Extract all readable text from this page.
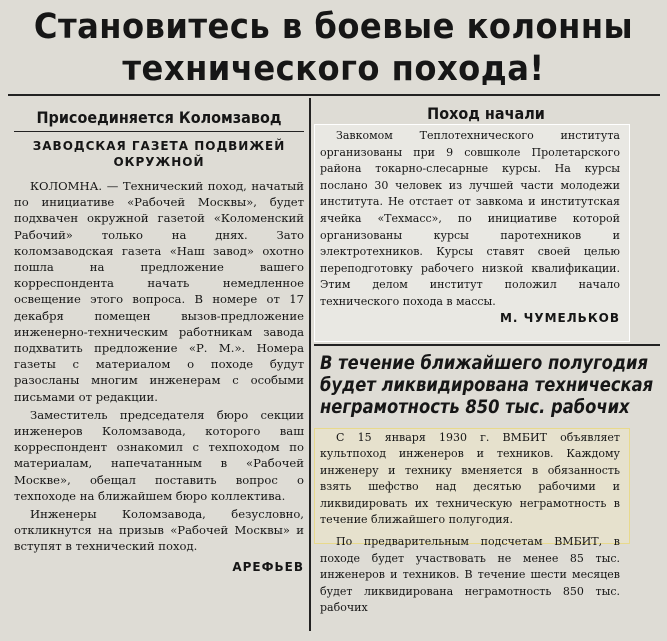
Становитесь в боевые колонны
технического похода!
Присоединяется Коломзавод
ЗАВОДСКАЯ ГАЗЕТА ПОДВИЖЕЙ
ОКРУЖНОЙ

КОЛОМНА. — Технический поход, начатый по инициативе «Рабочей Москвы», будет подхвачен окружной газетой «Коломенский Рабочий» только на днях. Зато коломзаводская газета «Наш завод» охотно пошла на предложение вашего корреспондента начать немедленное освещение этого вопроса. В номере от 17 декабря помещен вызов-предложение инженерно-техническим работникам завода подхватить предложение «Р. М.». Номера газеты с материалом о походе будут разосланы многим инженерам с особыми письмами от редакции.

Заместитель председателя бюро секции инженеров Коломзавода, которого ваш корреспондент ознакомил с техпоходом по материалам, напечатанным в «Рабочей Москве», обещал поставить вопрос о техпоходе на ближайшем бюро коллектива.

Инженеры Коломзавода, безусловно, откликнутся на призыв «Рабочей Москвы» и вступят в технический поход.

АРЕФЬЕВ
Поход начали

Завкомом Теплотехнического института организованы при 9 совшколе Пролетарского района токарно-слесарные курсы. На курсы послано 30 человек из лучшей части молодежи института. Не отстает от завкома и институтская ячейка «Техмасс», по инициативе которой организованы курсы паротехников и электротехников. Курсы ставят своей целью переподготовку рабочего низкой квалификации. Этим делом институт положил начало технического похода в массы.

М. ЧУМЕЛЬКОВ
В течение ближайшего полугодия
будет ликвидирована техническая
неграмотность 850 тыс. рабочих

С 15 января 1930 г. ВМБИТ объявляет культпоход инженеров и техников. Каждому инженеру и технику вменяется в обязанность взять шефство над десятью рабочими и ликвидировать их техническую неграмотность в течение ближайшего полугодия.

По предварительным подсчетам ВМБИТ, в походе будет участвовать не менее 85 тыс. инженеров и техников. В течение шести месяцев будет ликвидирована неграмотность 850 тыс. рабочих
